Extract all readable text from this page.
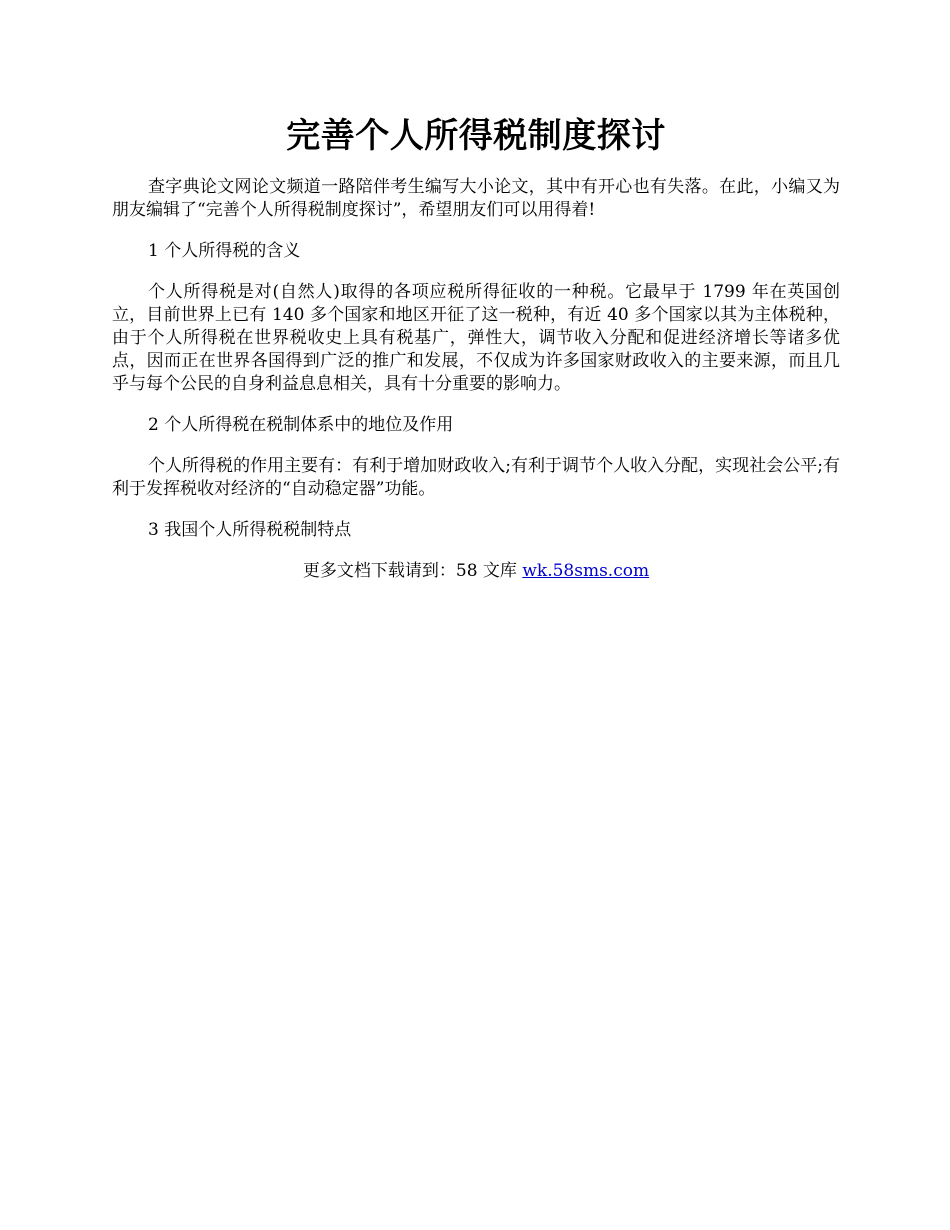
完善个人所得税制度探讨

查字典论文网论文频道一路陪伴考生编写大小论文，其中有开心也有失落。在此，小编又为朋友编辑了“完善个人所得税制度探讨”，希望朋友们可以用得着!

1 个人所得税的含义

个人所得税是对(自然人)取得的各项应税所得征收的一种税。它最早于 1799 年在英国创立，目前世界上已有 140 多个国家和地区开征了这一税种，有近 40 多个国家以其为主体税种，由于个人所得税在世界税收史上具有税基广，弹性大，调节收入分配和促进经济增长等诸多优点，因而正在世界各国得到广泛的推广和发展，不仅成为许多国家财政收入的主要来源，而且几乎与每个公民的自身利益息息相关，具有十分重要的影响力。

2 个人所得税在税制体系中的地位及作用

个人所得税的作用主要有：有利于增加财政收入;有利于调节个人收入分配，实现社会公平;有利于发挥税收对经济的“自动稳定器”功能。

3 我国个人所得税税制特点

更多文档下载请到：58 文库 wk.58sms.com
